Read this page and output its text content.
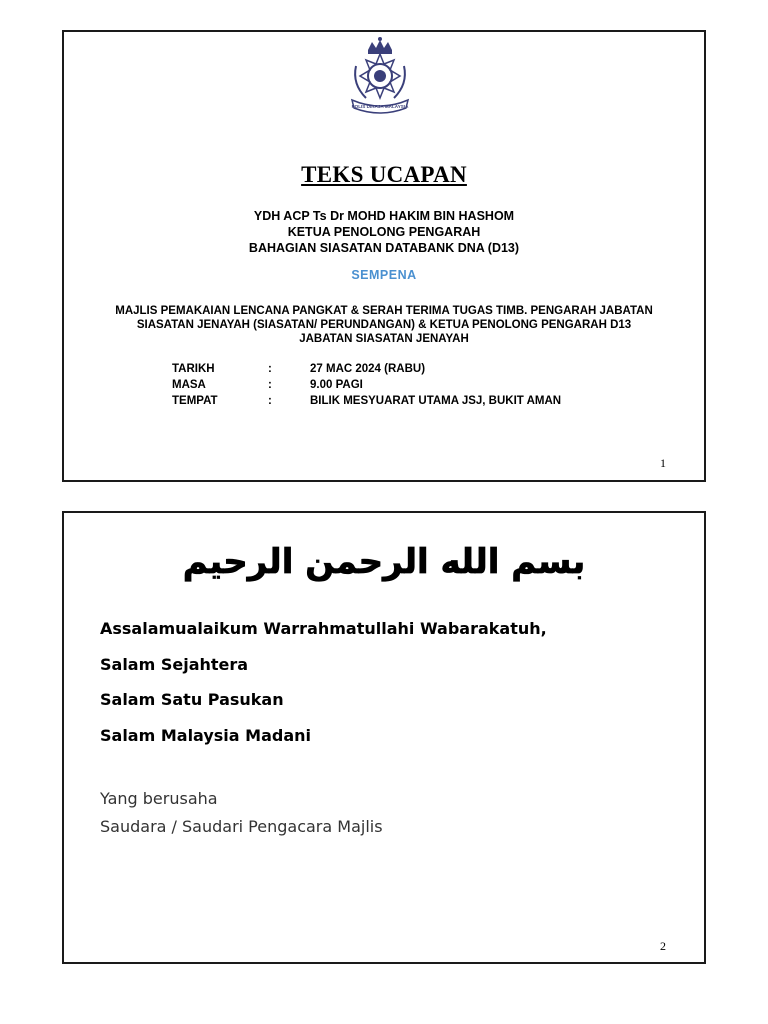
POLIS DIRAJA MALAYSIA
TEKS UCAPAN
YDH ACP Ts Dr MOHD HAKIM BIN HASHOM
KETUA PENOLONG PENGARAH
BAHAGIAN SIASATAN DATABANK DNA (D13)
SEMPENA
MAJLIS PEMAKAIAN LENCANA PANGKAT & SERAH TERIMA TUGAS TIMB. PENGARAH JABATAN
SIASATAN JENAYAH (SIASATAN/ PERUNDANGAN) & KETUA PENOLONG PENGARAH D13
JABATAN SIASATAN JENAYAH
TARIKH	:	27 MAC 2024 (RABU)
MASA	:	9.00 PAGI
TEMPAT	:	BILIK MESYUARAT UTAMA JSJ, BUKIT AMAN
1
بسم الله الرحمن الرحيم
Assalamualaikum Warrahmatullahi Wabarakatuh,
Salam Sejahtera
Salam Satu Pasukan
Salam Malaysia Madani
Yang berusaha
Saudara / Saudari Pengacara Majlis
2
